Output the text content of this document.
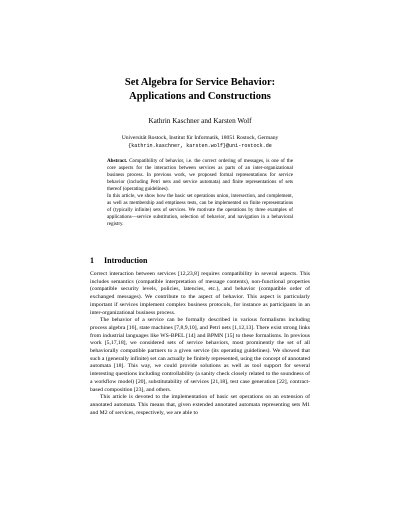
Set Algebra for Service Behavior:
Applications and Constructions
Kathrin Kaschner and Karsten Wolf
Universität Rostock, Institut für Informatik, 18051 Rostock, Germany
{kathrin.kaschner, karsten.wolf}@uni-rostock.de

Abstract. Compatibility of behavior, i.e. the correct ordering of messages, is one of the core aspects for the interaction between services as parts of an inter-organizational business process. In previous work, we proposed formal representations for service behavior (including Petri nets and service automata) and finite representations of sets thereof (operating guidelines).

In this article, we show how the basic set operations union, intersection, and complement, as well as membership and emptiness tests, can be implemented on finite representations of (typically infinite) sets of services. We motivate the operations by three examples of applications—service substitution, selection of behavior, and navigation in a behavioral registry.

1 Introduction

Correct interaction between services [12,23,8] requires compatibility in several aspects. This includes semantics (compatible interpretation of message contents), non-functional properties (compatible security levels, policies, latencies, etc.), and behavior (compatible order of exchanged messages). We contribute to the aspect of behavior. This aspect is particularly important if services implement complex business protocols, for instance as participants in an inter-organizational business process.

The behavior of a service can be formally described in various formalisms including process algebra [16], state machines [7,8,9,10], and Petri nets [1,12,13]. There exist strong links from industrial languages like WS-BPEL [14] and BPMN [15] to these formalisms. In previous work [5,17,18], we considered sets of service behaviors, most prominently the set of all behaviorally compatible partners to a given service (its operating guidelines). We showed that such a (generally infinite) set can actually be finitely represented, using the concept of annotated automata [18]. This way, we could provide solutions as well as tool support for several interesting questions including controllability (a sanity check closely related to the soundness of a workflow model) [20], substitutability of services [21,18], test case generation [22], contract-based composition [23], and others.

This article is devoted to the implementation of basic set operations on an extension of annotated automata. This means that, given extended annotated automata representing sets M1 and M2 of services, respectively, we are able to
